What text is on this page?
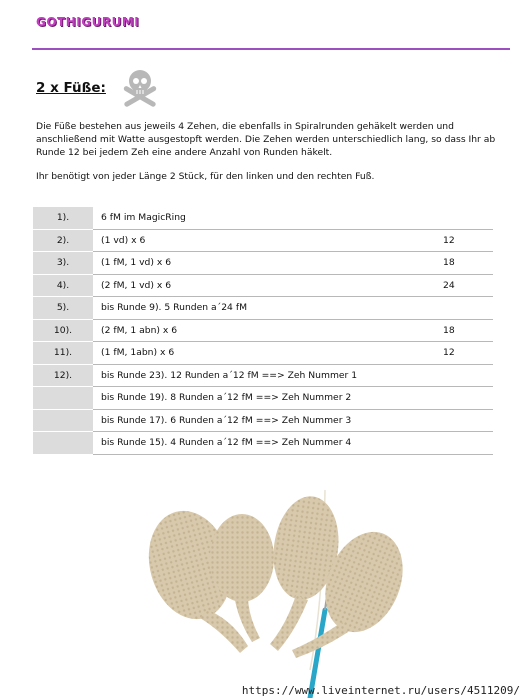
GOTHIGURUMI
2 x Füße:

Die Füße bestehen aus jeweils 4 Zehen, die ebenfalls in Spiralrunden gehäkelt werden und anschließend mit Watte ausgestopft werden. Die Zehen werden unterschiedlich lang, so dass Ihr ab Runde 12 bei jedem Zeh eine andere Anzahl von Runden häkelt.

Ihr benötigt von jeder Länge 2 Stück, für den linken und den rechten Fuß.

1).	6 fM im MagicRing	
2).	(1 vd) x 6	12
3).	(1 fM, 1 vd) x 6	18
4).	(2 fM, 1 vd) x 6	24
5).	bis Runde 9). 5 Runden a´24 fM	
10).	(2 fM, 1 abn) x 6	18
11).	(1 fM, 1abn) x 6	12
12).	bis Runde 23). 12 Runden a´12 fM ==> Zeh Nummer 1	
	bis Runde 19). 8 Runden a´12 fM ==> Zeh Nummer 2	
	bis Runde 17). 6 Runden a´12 fM ==> Zeh Nummer 3	
	bis Runde 15). 4 Runden a´12 fM ==> Zeh Nummer 4	
https://www.liveinternet.ru/users/4511209/
